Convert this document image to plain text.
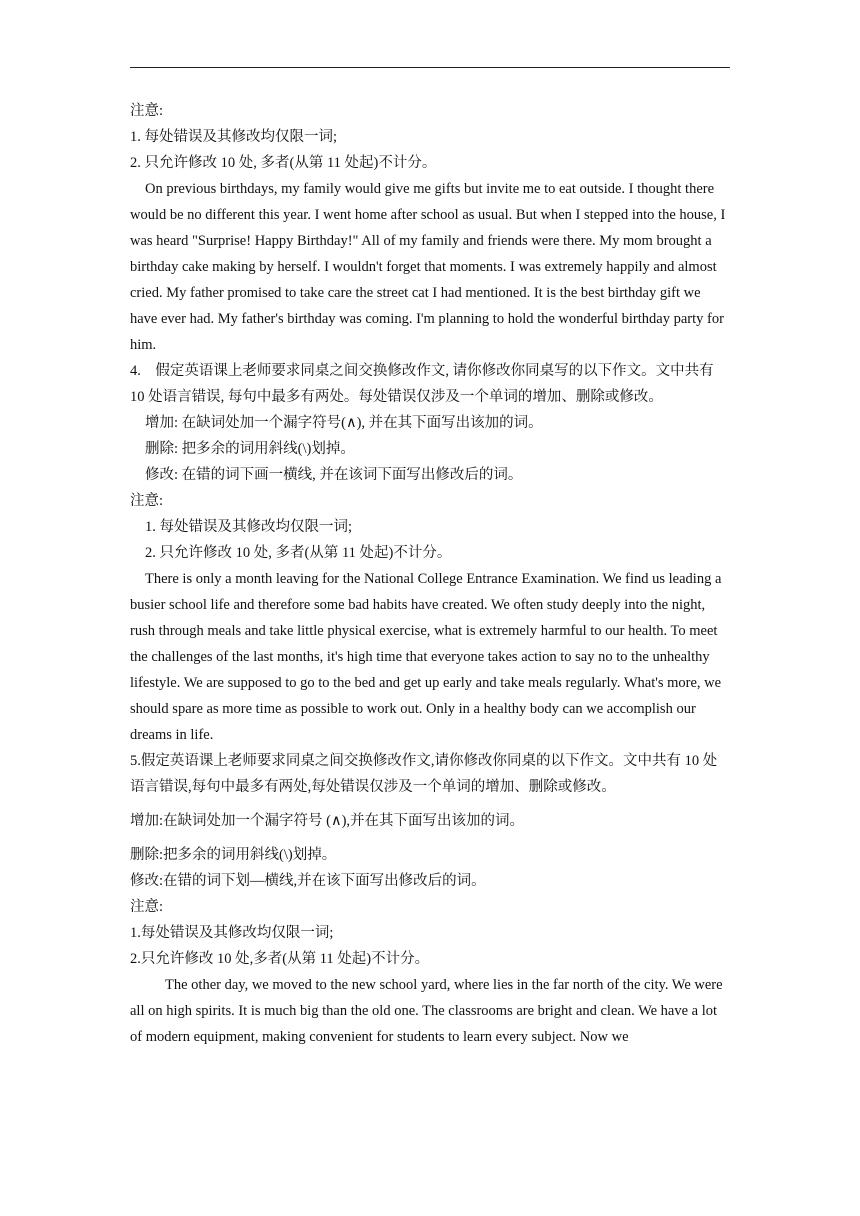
注意:

1. 每处错误及其修改均仅限一词;

2. 只允许修改 10 处, 多者(从第 11 处起)不计分。

On previous birthdays, my family would give me gifts but invite me to eat outside. I thought there would be no different this year. I went home after school as usual. But when I stepped into the house, I was heard "Surprise! Happy Birthday!" All of my family and friends were there. My mom brought a birthday cake making by herself. I wouldn't forget that moments. I was extremely happily and almost cried. My father promised to take care the street cat I had mentioned. It is the best birthday gift we have ever had. My father's birthday was coming. I'm planning to hold the wonderful birthday party for him.

4.　假定英语课上老师要求同桌之间交换修改作文, 请你修改你同桌写的以下作文。文中共有 10 处语言错误, 每句中最多有两处。每处错误仅涉及一个单词的增加、删除或修改。

增加: 在缺词处加一个漏字符号(∧), 并在其下面写出该加的词。

删除: 把多余的词用斜线(\)划掉。

修改: 在错的词下画一横线, 并在该词下面写出修改后的词。

注意:

1. 每处错误及其修改均仅限一词;

2. 只允许修改 10 处, 多者(从第 11 处起)不计分。

There is only a month leaving for the National College Entrance Examination. We find us leading a busier school life and therefore some bad habits have created. We often study deeply into the night, rush through meals and take little physical exercise, what is extremely harmful to our health. To meet the challenges of the last months, it's high time that everyone takes action to say no to the unhealthy lifestyle. We are supposed to go to the bed and get up early and take meals regularly. What's more, we should spare as more time as possible to work out. Only in a healthy body can we accomplish our dreams in life.

5.假定英语课上老师要求同桌之间交换修改作文,请你修改你同桌的以下作文。文中共有 10 处语言错误,每句中最多有两处,每处错误仅涉及一个单词的增加、删除或修改。

增加:在缺词处加一个漏字符号 (∧),并在其下面写出该加的词。

删除:把多余的词用斜线(\)划掉。

修改:在错的词下划—横线,并在该下面写出修改后的词。

注意:

1.每处错误及其修改均仅限一词;

2.只允许修改 10 处,多者(从第 11 处起)不计分。

The other day, we moved to the new school yard, where lies in the far north of the city. We were all on high spirits. It is much big than the old one. The classrooms are bright and clean. We have a lot of modern equipment, making convenient for students to learn every subject. Now we
